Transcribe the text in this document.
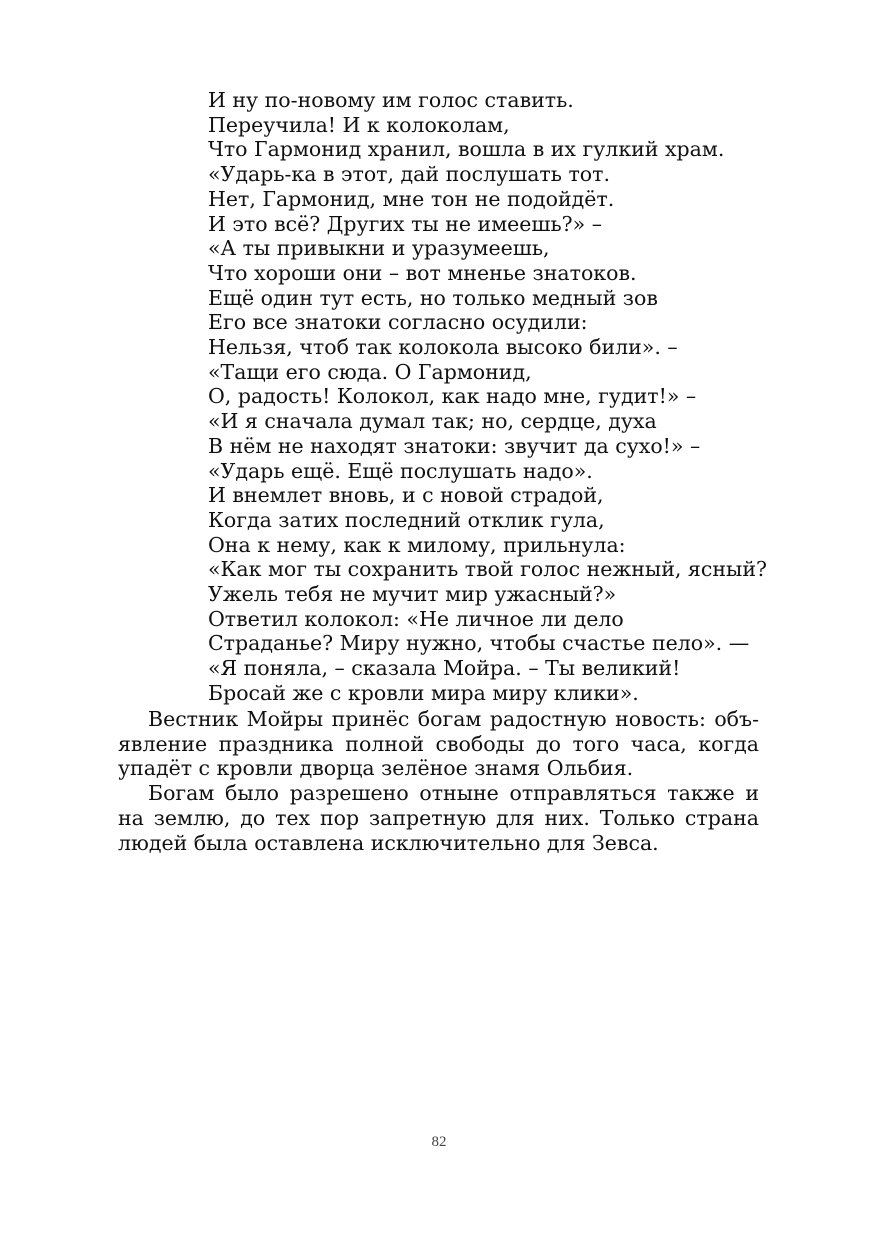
И ну по-новому им голос ставить.
Переучила! И к колоколам,
Что Гармонид хранил, вошла в их гулкий храм.
«Ударь-ка в этот, дай послушать тот.
Нет, Гармонид, мне тон не подойдёт.
И это всё? Других ты не имеешь?» –
«А ты привыкни и уразумеешь,
Что хороши они – вот мненье знатоков.
Ещё один тут есть, но только медный зов
Его все знатоки согласно осудили:
Нельзя, чтоб так колокола высоко били». –
«Тащи его сюда. О Гармонид,
О, радость! Колокол, как надо мне, гудит!» –
«И я сначала думал так; но, сердце, духа
В нём не находят знатоки: звучит да сухо!» –
«Ударь ещё. Ещё послушать надо».
И внемлет вновь, и с новой страдой,
Когда затих последний отклик гула,
Она к нему, как к милому, прильнула:
«Как мог ты сохранить твой голос нежный, ясный?
Ужель тебя не мучит мир ужасный?»
Ответил колокол: «Не личное ли дело
Страданье? Миру нужно, чтобы счастье пело». —
«Я поняла, – сказала Мойра. – Ты великий!
Бросай же с кровли мира миру клики».

Вестник Мойры принёс богам радостную новость: объявление праздника полной свободы до того часа, когда упадёт с кровли дворца зелёное знамя Ольбия.

Богам было разрешено отныне отправляться также и на землю, до тех пор запретную для них. Только страна людей была оставлена исключительно для Зевса.

82
